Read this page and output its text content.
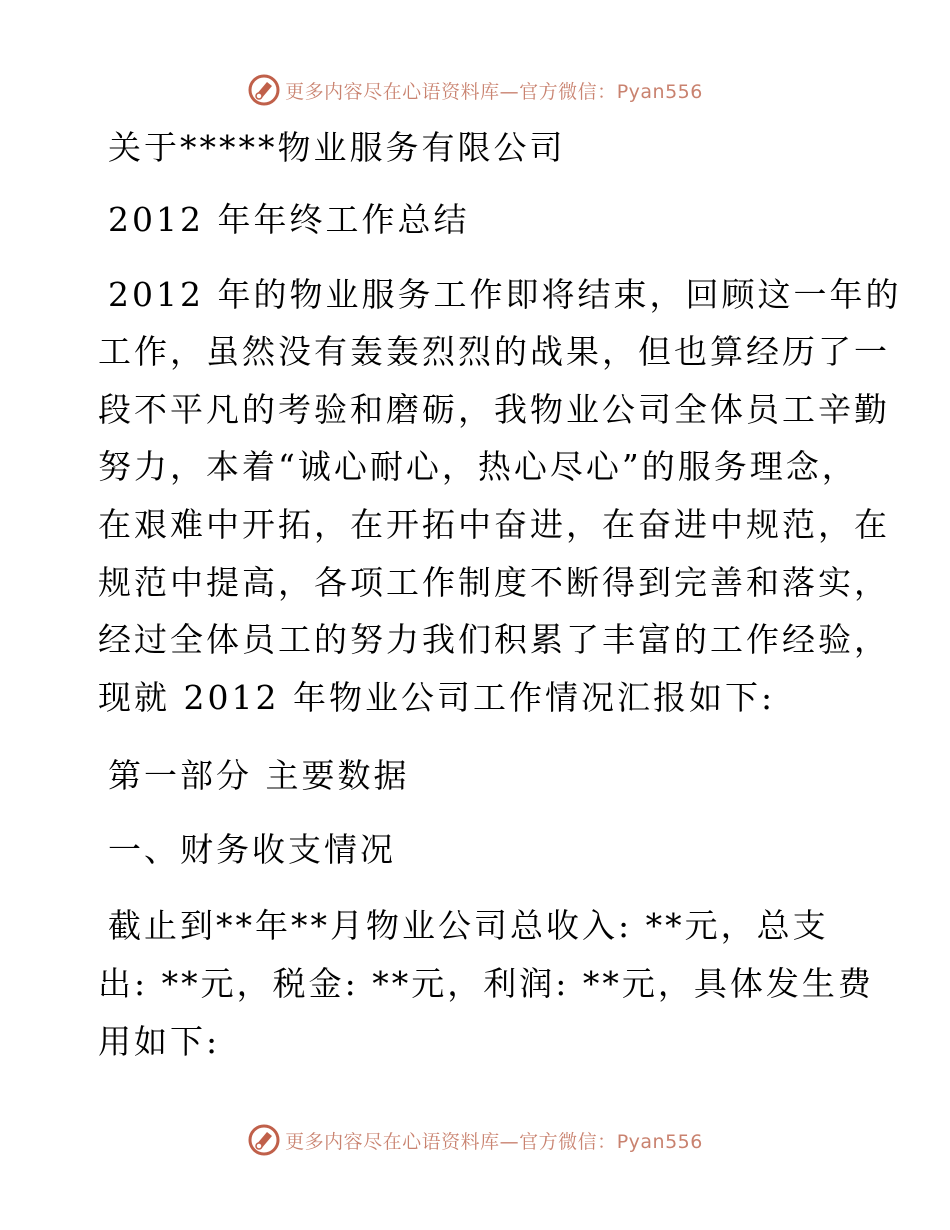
更多内容尽在心语资料库—官方微信：Pyan556
关于*****物业服务有限公司
2012 年年终工作总结
2012 年的物业服务工作即将结束，回顾这一年的
工作，虽然没有轰轰烈烈的战果，但也算经历了一
段不平凡的考验和磨砺，我物业公司全体员工辛勤
努力，本着“诚心耐心，热心尽心”的服务理念，
在艰难中开拓，在开拓中奋进，在奋进中规范，在
规范中提高，各项工作制度不断得到完善和落实，
经过全体员工的努力我们积累了丰富的工作经验，
现就 2012 年物业公司工作情况汇报如下:
第一部分 主要数据
一、财务收支情况
截止到**年**月物业公司总收入: **元，总支
出: **元，税金: **元，利润: **元，具体发生费
用如下:
更多内容尽在心语资料库—官方微信：Pyan556
